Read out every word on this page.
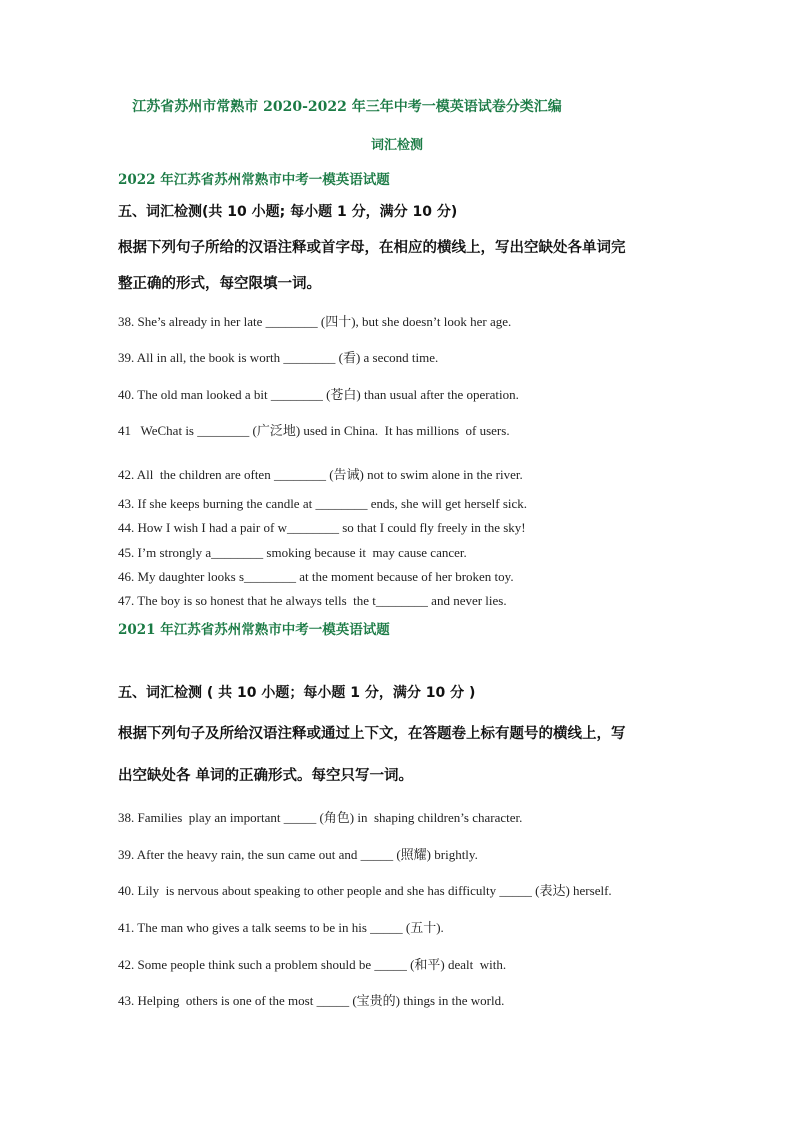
江苏省苏州市常熟市 2020-2022 年三年中考一模英语试卷分类汇编
词汇检测
2022 年江苏省苏州常熟市中考一模英语试题
五、词汇检测(共 10 小题; 每小题 1 分，满分 10 分)
根据下列句子所给的汉语注释或首字母，在相应的横线上，写出空缺处各单词完
整正确的形式，每空限填一词。
38. She’s already in her late ________ (四十), but she doesn’t look her age.
39. All in all, the book is worth ________ (看) a second time.
40. The old man looked a bit ________ (苍白) than usual after the operation.
41   WeChat is ________ (广泛地) used in China.  It has millions  of users.
42. All  the children are often ________ (告诫) not to swim alone in the river.
43. If she keeps burning the candle at ________ ends, she will get herself sick.
44. How I wish I had a pair of w________ so that I could fly freely in the sky!
45. I’m strongly a________ smoking because it  may cause cancer.
46. My daughter looks s________ at the moment because of her broken toy.
47. The boy is so honest that he always tells  the t________ and never lies.
2021 年江苏省苏州常熟市中考一模英语试题
五、词汇检测 ( 共 10 小题；每小题 1 分，满分 10 分 )
根据下列句子及所给汉语注释或通过上下文，在答题卷上标有题号的横线上，写
出空缺处各 单词的正确形式。每空只写一词。
38. Families  play an important _____ (角色) in  shaping children’s character.
39. After the heavy rain, the sun came out and _____ (照耀) brightly.
40. Lily  is nervous about speaking to other people and she has difficulty _____ (表达) herself.
41. The man who gives a talk seems to be in his _____ (五十).
42. Some people think such a problem should be _____ (和平) dealt  with.
43. Helping  others is one of the most _____ (宝贵的) things in the world.
